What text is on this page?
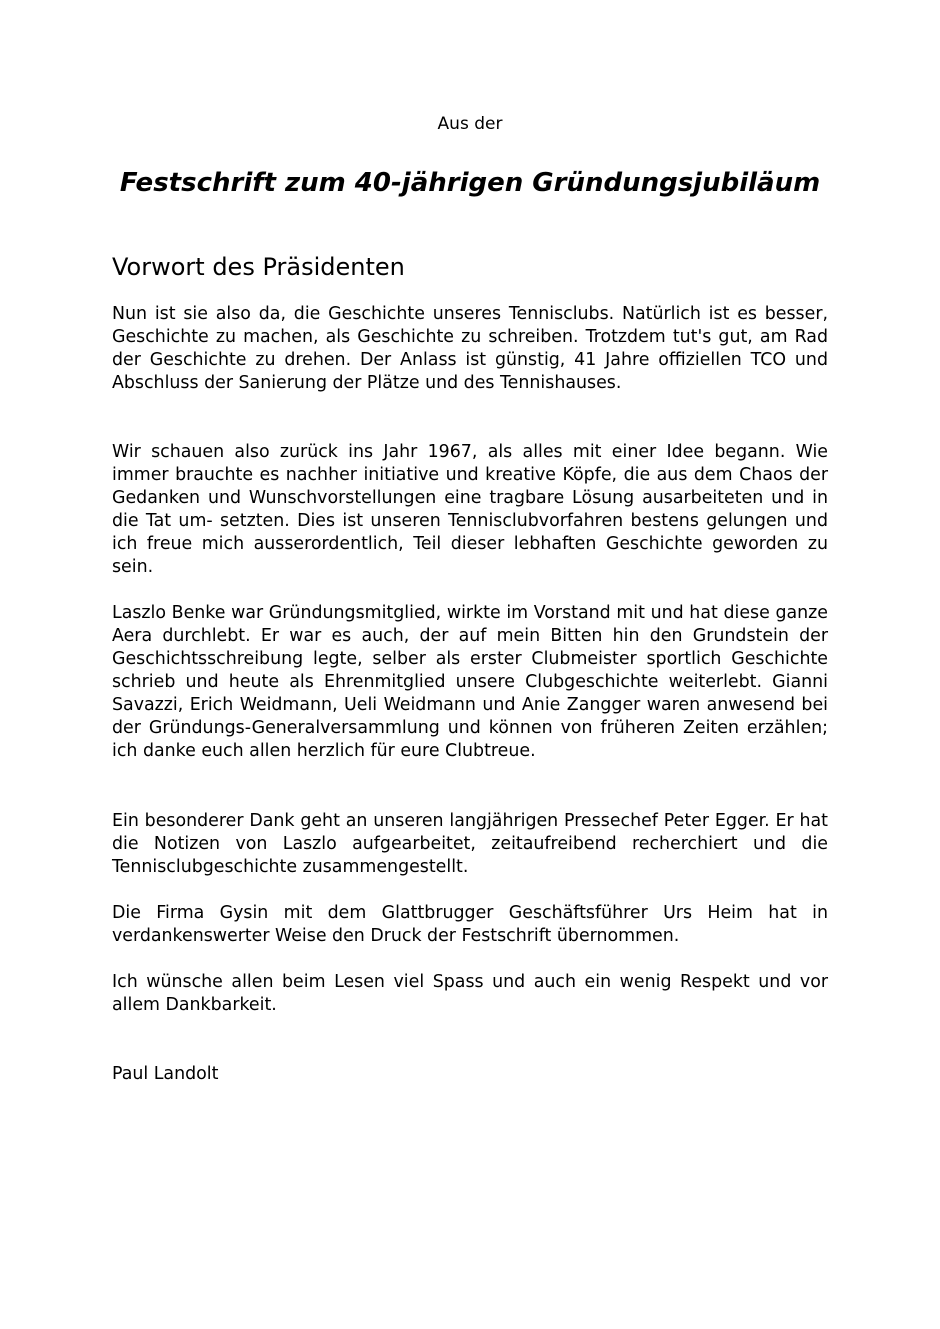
Aus der
Festschrift zum 40-jährigen Gründungsjubiläum
Vorwort des Präsidenten

Nun ist sie also da, die Geschichte unseres Tennisclubs. Natürlich ist es besser, Geschichte zu machen, als Geschichte zu schreiben. Trotzdem tut's gut, am Rad der Geschichte zu drehen. Der Anlass ist günstig, 41 Jahre offiziellen TCO und Abschluss der Sanierung der Plätze und des Tennishauses.

Wir schauen also zurück ins Jahr 1967, als alles mit einer Idee begann. Wie immer brauchte es nachher initiative und kreative Köpfe, die aus dem Chaos der Gedanken und Wunschvorstellungen eine tragbare Lösung ausarbeiteten und in die Tat um- setzten. Dies ist unseren Tennisclubvorfahren bestens gelungen und ich freue mich ausserordentlich, Teil dieser lebhaften Geschichte geworden zu sein.

Laszlo Benke war Gründungsmitglied, wirkte im Vorstand mit und hat diese ganze Aera durchlebt. Er war es auch, der auf mein Bitten hin den Grundstein der Geschichtsschreibung legte, selber als erster Clubmeister sportlich Geschichte schrieb und heute als Ehrenmitglied unsere Clubgeschichte weiterlebt. Gianni Savazzi, Erich Weidmann, Ueli Weidmann und Anie Zangger waren anwesend bei der Gründungs-Generalversammlung und können von früheren Zeiten erzählen; ich danke euch allen herzlich für eure Clubtreue.

Ein besonderer Dank geht an unseren langjährigen Pressechef Peter Egger. Er hat die Notizen von Laszlo aufgearbeitet, zeitaufreibend recherchiert und die Tennisclubgeschichte zusammengestellt.

Die Firma Gysin mit dem Glattbrugger Geschäftsführer Urs Heim hat in verdankenswerter Weise den Druck der Festschrift übernommen.

Ich wünsche allen beim Lesen viel Spass und auch ein wenig Respekt und vor allem Dankbarkeit.

Paul Landolt
